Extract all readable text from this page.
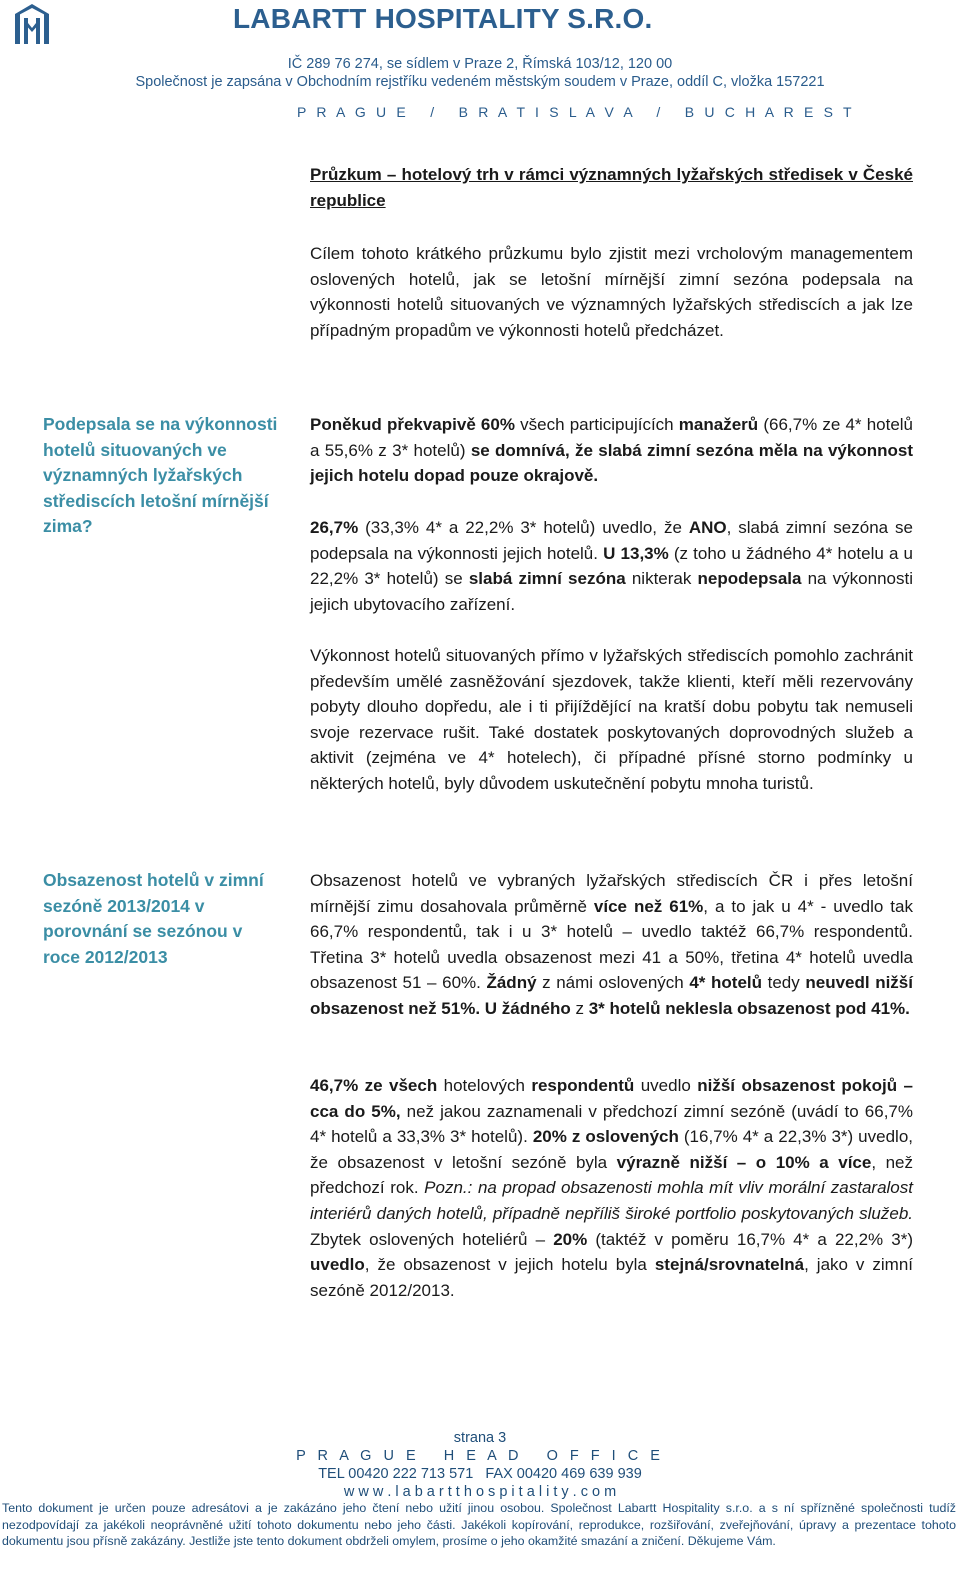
LABARTT HOSPITALITY S.R.O.
IČ 289 76 274, se sídlem v Praze 2, Římská 103/12, 120 00
Společnost je zapsána v Obchodním rejstříku vedeném městským soudem v Praze, oddíl C, vložka 157221
P R A G U E   /   B R A T I S L A V A   /   B U C H A R E S T
Průzkum – hotelový trh v rámci významných lyžařských středisek v České republice

Cílem tohoto krátkého průzkumu bylo zjistit mezi vrcholovým managementem oslovených hotelů, jak se letošní mírnější zimní sezóna podepsala na výkonnosti hotelů situovaných ve významných lyžařských střediscích a jak lze případným propadům ve výkonnosti hotelů předcházet.

Podepsala se na výkonnosti hotelů situovaných ve významných lyžařských střediscích letošní mírnější zima?

Poněkud překvapivě 60% všech participujících manažerů (66,7% ze 4* hotelů a 55,6% z 3* hotelů) se domnívá, že slabá zimní sezóna měla na výkonnost jejich hotelu dopad pouze okrajově.

26,7% (33,3% 4* a 22,2% 3* hotelů) uvedlo, že ANO, slabá zimní sezóna se podepsala na výkonnosti jejich hotelů. U 13,3% (z toho u žádného 4* hotelu a u 22,2% 3* hotelů) se slabá zimní sezóna nikterak nepodepsala na výkonnosti jejich ubytovacího zařízení.

Výkonnost hotelů situovaných přímo v lyžařských střediscích pomohlo zachránit především umělé zasněžování sjezdovek, takže klienti, kteří měli rezervovány pobyty dlouho dopředu, ale i ti přijíždějící na kratší dobu pobytu tak nemuseli svoje rezervace rušit. Také dostatek poskytovaných doprovodných služeb a aktivit (zejména ve 4* hotelech), či případné přísné storno podmínky u některých hotelů, byly důvodem uskutečnění pobytu mnoha turistů.

Obsazenost hotelů v zimní sezóně 2013/2014 v porovnání se sezónou v roce 2012/2013

Obsazenost hotelů ve vybraných lyžařských střediscích ČR i přes letošní mírnější zimu dosahovala průměrně více než 61%, a to jak u 4* - uvedlo tak 66,7% respondentů, tak i u 3* hotelů – uvedlo taktéž 66,7% respondentů. Třetina 3* hotelů uvedla obsazenost mezi 41 a 50%, třetina 4* hotelů uvedla obsazenost 51 – 60%. Žádný z námi oslovených 4* hotelů tedy neuvedl nižší obsazenost než 51%. U žádného z 3* hotelů neklesla obsazenost pod 41%.

46,7% ze všech hotelových respondentů uvedlo nižší obsazenost pokojů – cca do 5%, než jakou zaznamenali v předchozí zimní sezóně (uvádí to 66,7% 4* hotelů a 33,3% 3* hotelů). 20% z oslovených (16,7% 4* a 22,3% 3*) uvedlo, že obsazenost v letošní sezóně byla výrazně nižší – o 10% a více, než předchozí rok. Pozn.: na propad obsazenosti mohla mít vliv morální zastaralost interiérů daných hotelů, případně nepříliš široké portfolio poskytovaných služeb. Zbytek oslovených hoteliérů – 20% (taktéž v poměru 16,7% 4* a 22,2% 3*) uvedlo, že obsazenost v jejich hotelu byla stejná/srovnatelná, jako v zimní sezóně 2012/2013.

strana 3
P R A G U E   H E A D   O F F I C E
TEL 00420 222 713 571   FAX 00420 469 639 939
w w w . l a b a r t t h o s p i t a l i t y . c o m

Tento dokument je určen pouze adresátovi a je zakázáno jeho čtení nebo užití jinou osobou. Společnost Labartt Hospitality s.r.o. a s ní spřízněné společnosti tudíž nezodpovídají za jakékoli neoprávněné užití tohoto dokumentu nebo jeho části. Jakékoli kopírování, reprodukce, rozšiřování, zveřejňování, úpravy a prezentace tohoto dokumentu jsou přísně zakázány. Jestliže jste tento dokument obdrželi omylem, prosíme o jeho okamžité smazání a zničení. Děkujeme Vám.
